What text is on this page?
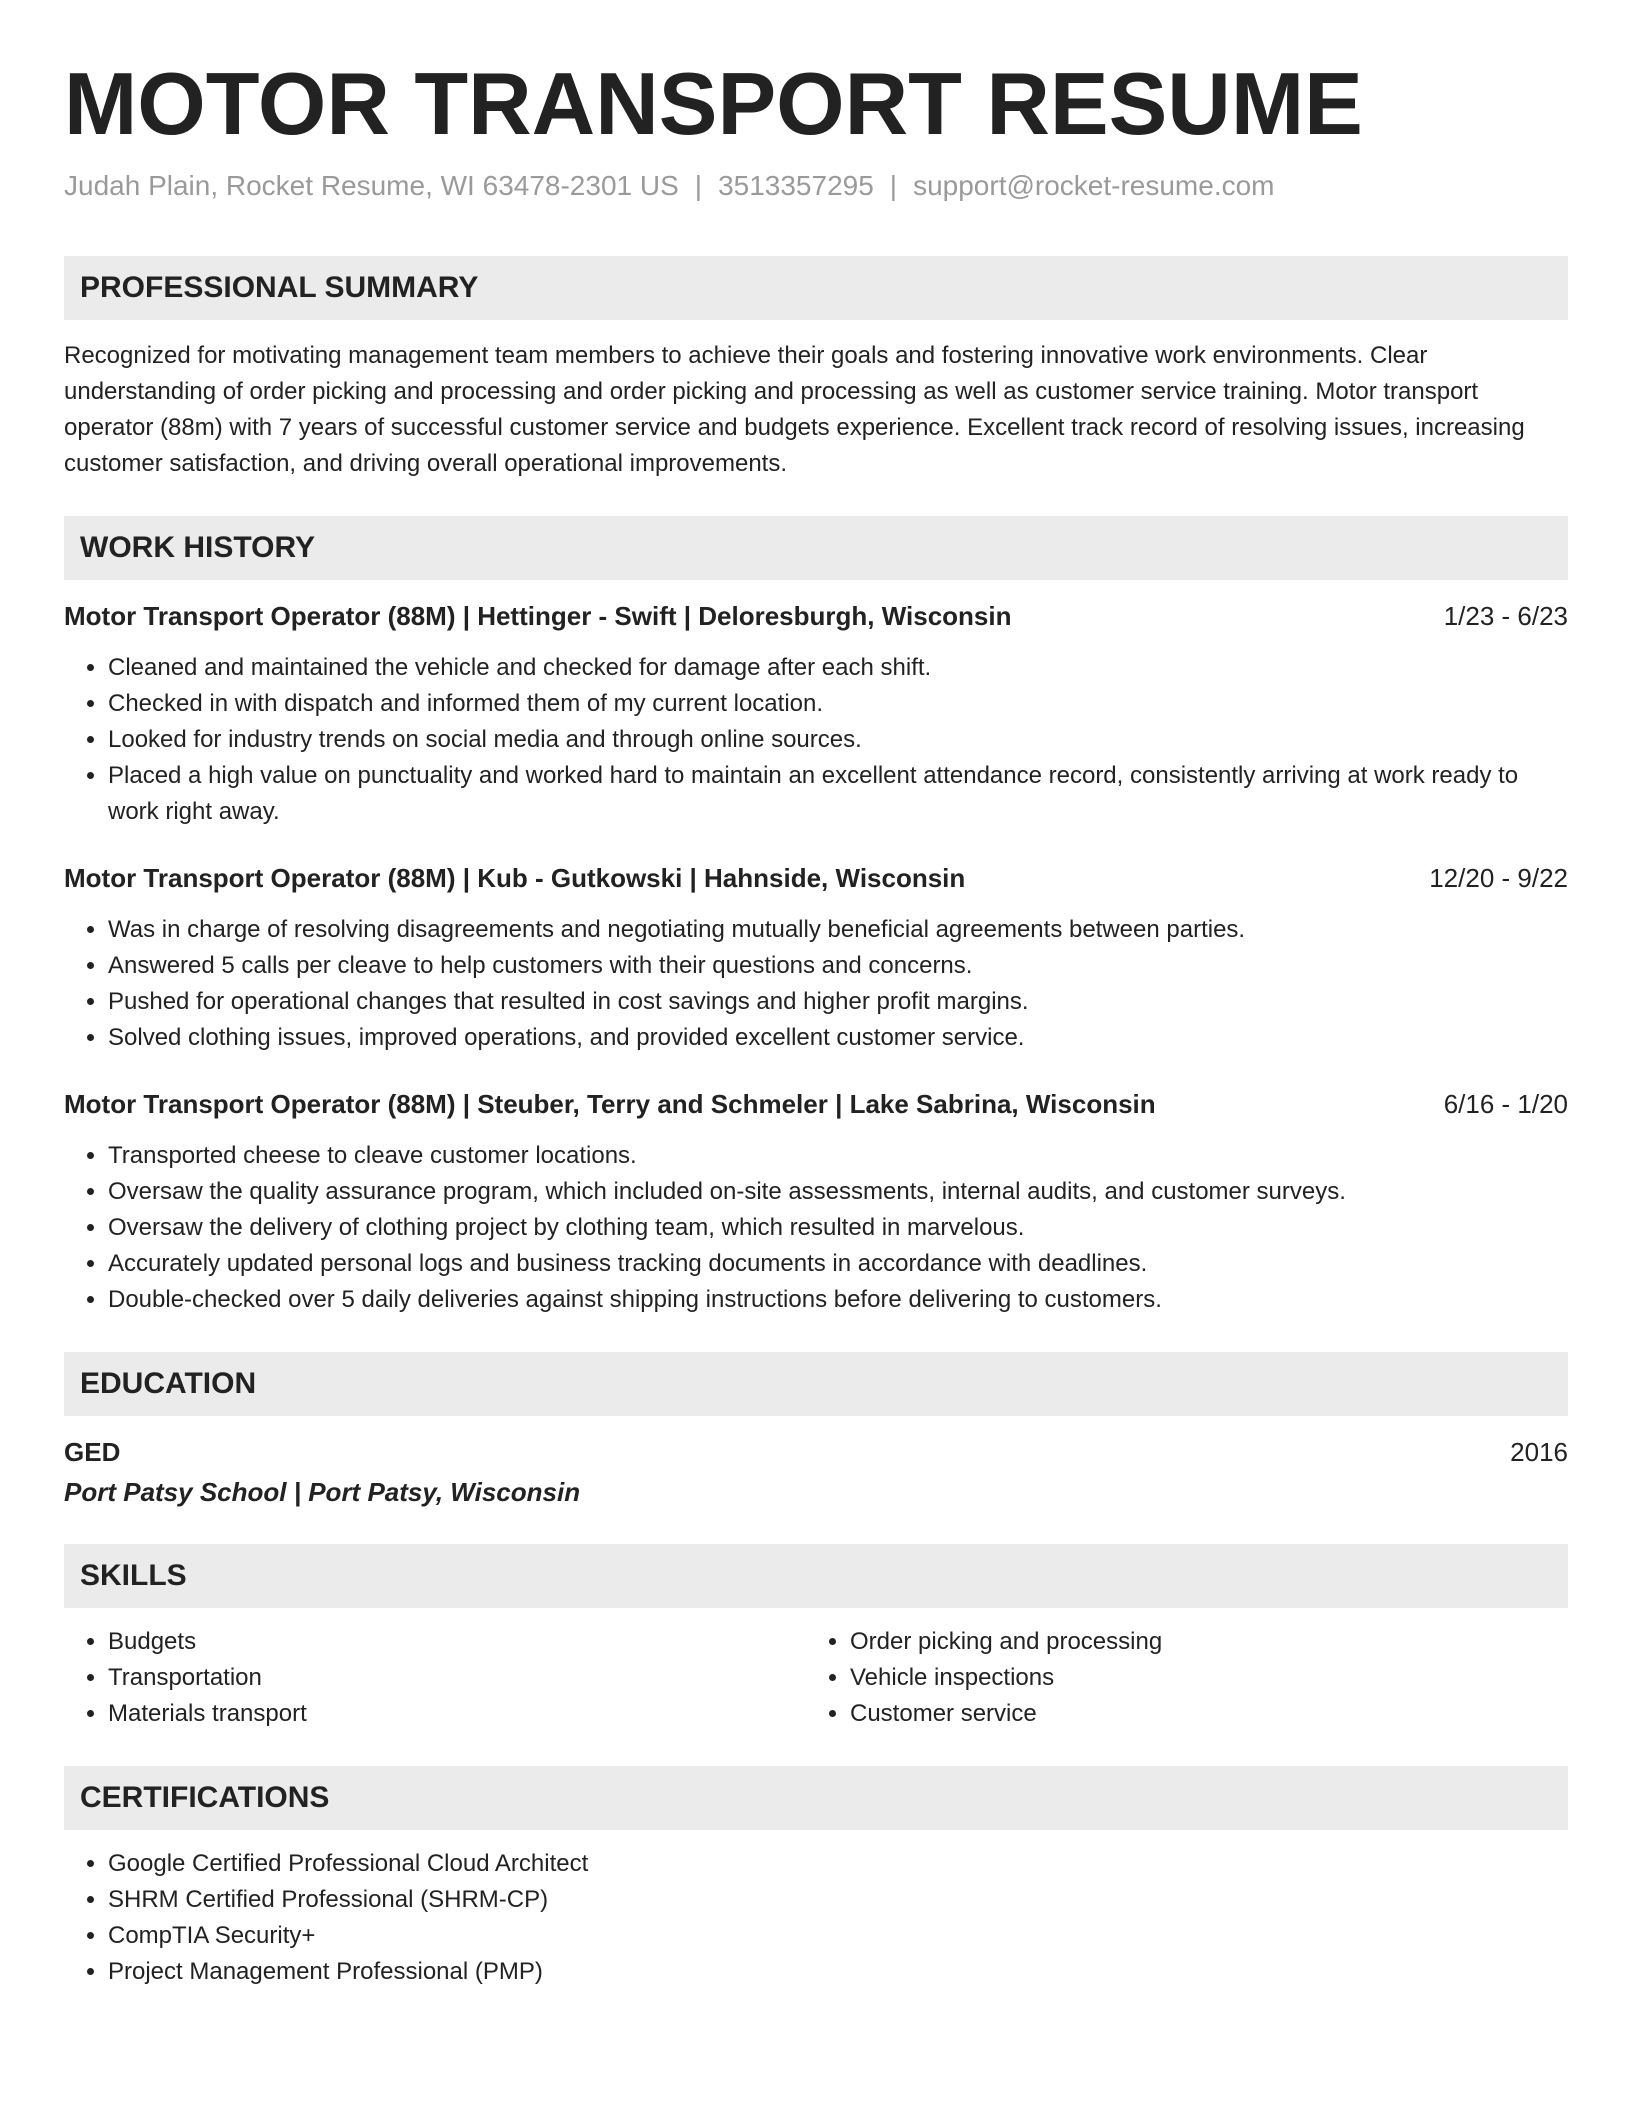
MOTOR TRANSPORT RESUME
Judah Plain, Rocket Resume, WI 63478-2301 US | 3513357295 | support@rocket-resume.com
PROFESSIONAL SUMMARY
Recognized for motivating management team members to achieve their goals and fostering innovative work environments. Clear understanding of order picking and processing and order picking and processing as well as customer service training. Motor transport operator (88m) with 7 years of successful customer service and budgets experience. Excellent track record of resolving issues, increasing customer satisfaction, and driving overall operational improvements.
WORK HISTORY
Motor Transport Operator (88M) | Hettinger - Swift | Deloresburgh, Wisconsin	1/23 - 6/23
• Cleaned and maintained the vehicle and checked for damage after each shift.
• Checked in with dispatch and informed them of my current location.
• Looked for industry trends on social media and through online sources.
• Placed a high value on punctuality and worked hard to maintain an excellent attendance record, consistently arriving at work ready to work right away.
Motor Transport Operator (88M) | Kub - Gutkowski | Hahnside, Wisconsin	12/20 - 9/22
• Was in charge of resolving disagreements and negotiating mutually beneficial agreements between parties.
• Answered 5 calls per cleave to help customers with their questions and concerns.
• Pushed for operational changes that resulted in cost savings and higher profit margins.
• Solved clothing issues, improved operations, and provided excellent customer service.
Motor Transport Operator (88M) | Steuber, Terry and Schmeler | Lake Sabrina, Wisconsin	6/16 - 1/20
• Transported cheese to cleave customer locations.
• Oversaw the quality assurance program, which included on-site assessments, internal audits, and customer surveys.
• Oversaw the delivery of clothing project by clothing team, which resulted in marvelous.
• Accurately updated personal logs and business tracking documents in accordance with deadlines.
• Double-checked over 5 daily deliveries against shipping instructions before delivering to customers.
EDUCATION
GED	2016
Port Patsy School | Port Patsy, Wisconsin
SKILLS
• Budgets
• Transportation
• Materials transport
• Order picking and processing
• Vehicle inspections
• Customer service
CERTIFICATIONS
• Google Certified Professional Cloud Architect
• SHRM Certified Professional (SHRM-CP)
• CompTIA Security+
• Project Management Professional (PMP)
